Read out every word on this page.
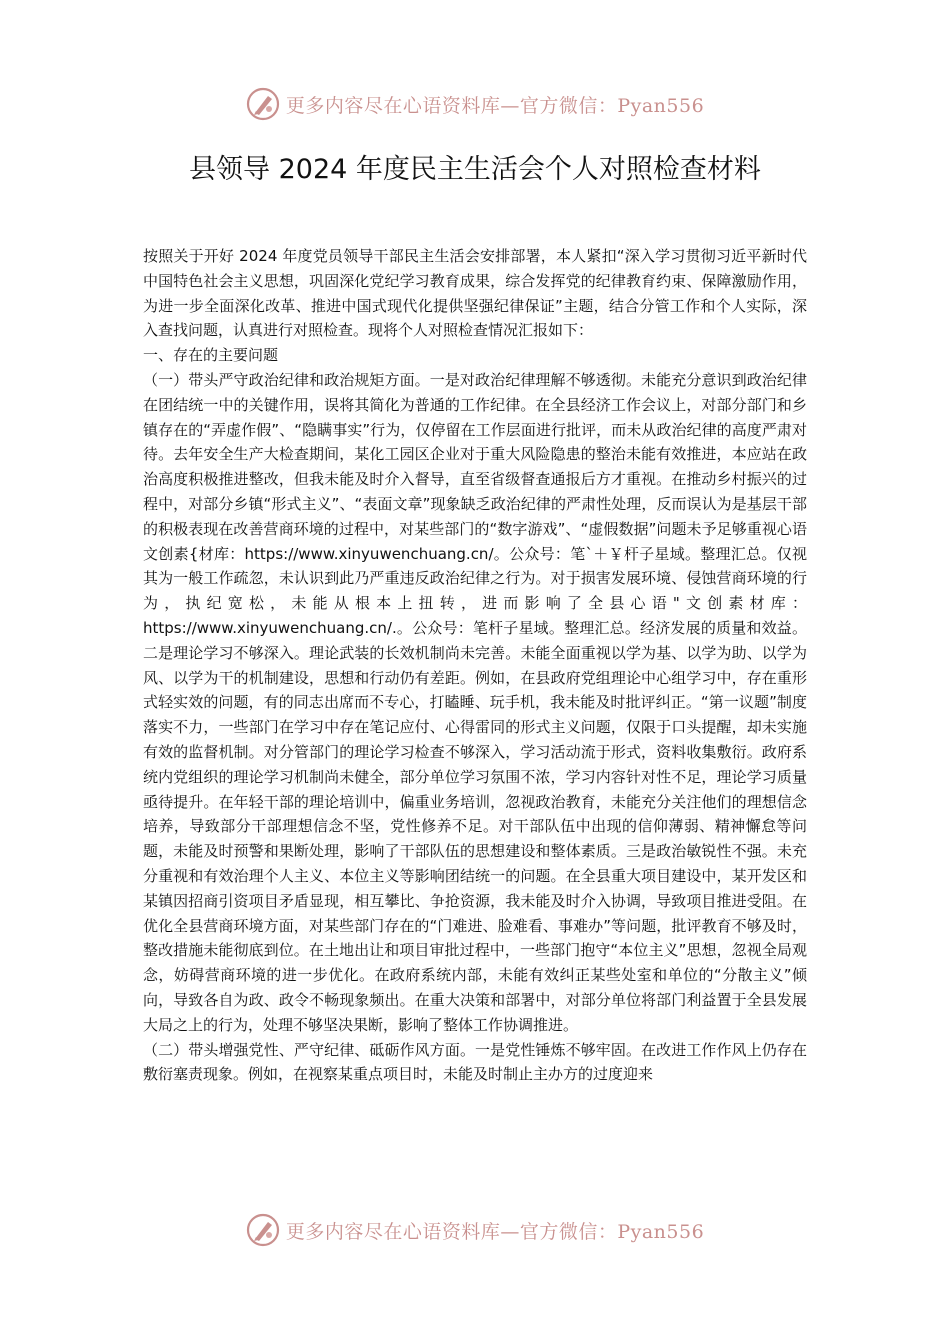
更多内容尽在心语资料库—官方微信：Pyan556
县领导 2024 年度民主生活会个人对照检查材料

按照关于开好 2024 年度党员领导干部民主生活会安排部署，本人紧扣“深入学习贯彻习近平新时代中国特色社会主义思想，巩固深化党纪学习教育成果，综合发挥党的纪律教育约束、保障激励作用，为进一步全面深化改革、推进中国式现代化提供坚强纪律保证”主题，结合分管工作和个人实际，深入查找问题，认真进行对照检查。现将个人对照检查情况汇报如下：

一、存在的主要问题

（一）带头严守政治纪律和政治规矩方面。一是对政治纪律理解不够透彻。未能充分意识到政治纪律在团结统一中的关键作用，误将其简化为普通的工作纪律。在全县经济工作会议上，对部分部门和乡镇存在的“弄虚作假”、“隐瞒事实”行为，仅停留在工作层面进行批评，而未从政治纪律的高度严肃对待。去年安全生产大检查期间，某化工园区企业对于重大风险隐患的整治未能有效推进，本应站在政治高度积极推进整改，但我未能及时介入督导，直至省级督查通报后方才重视。在推动乡村振兴的过程中，对部分乡镇“形式主义”、“表面文章”现象缺乏政治纪律的严肃性处理，反而误认为是基层干部的积极表现在改善营商环境的过程中，对某些部门的“数字游戏”、“虚假数据”问题未予足够重视心语文创素{材库：https://www.xinyuwenchuang.cn/。公众号：笔`＋￥杆子星域。整理汇总。仅视其为一般工作疏忽，未认识到此乃严重违反政治纪律之行为。对于损害发展环境、侵蚀营商环境的行为，执纪宽松，未能从根本上扭转，进而影响了全县心语"文创素材库：https://www.xinyuwenchuang.cn/.。公众号：笔杆子星域。整理汇总。经济发展的质量和效益。二是理论学习不够深入。理论武装的长效机制尚未完善。未能全面重视以学为基、以学为助、以学为风、以学为干的机制建设，思想和行动仍有差距。例如，在县政府党组理论中心组学习中，存在重形式轻实效的问题，有的同志出席而不专心，打瞌睡、玩手机，我未能及时批评纠正。“第一议题”制度落实不力，一些部门在学习中存在笔记应付、心得雷同的形式主义问题，仅限于口头提醒，却未实施有效的监督机制。对分管部门的理论学习检查不够深入，学习活动流于形式，资料收集敷衍。政府系统内党组织的理论学习机制尚未健全，部分单位学习氛围不浓，学习内容针对性不足，理论学习质量亟待提升。在年轻干部的理论培训中，偏重业务培训，忽视政治教育，未能充分关注他们的理想信念培养，导致部分干部理想信念不坚，党性修养不足。对干部队伍中出现的信仰薄弱、精神懈怠等问题，未能及时预警和果断处理，影响了干部队伍的思想建设和整体素质。三是政治敏锐性不强。未充分重视和有效治理个人主义、本位主义等影响团结统一的问题。在全县重大项目建设中，某开发区和某镇因招商引资项目矛盾显现，相互攀比、争抢资源，我未能及时介入协调，导致项目推进受阻。在优化全县营商环境方面，对某些部门存在的“门难进、脸难看、事难办”等问题，批评教育不够及时，整改措施未能彻底到位。在土地出让和项目审批过程中，一些部门抱守“本位主义”思想，忽视全局观念，妨碍营商环境的进一步优化。在政府系统内部，未能有效纠正某些处室和单位的“分散主义”倾向，导致各自为政、政令不畅现象频出。在重大决策和部署中，对部分单位将部门利益置于全县发展大局之上的行为，处理不够坚决果断，影响了整体工作协调推进。

（二）带头增强党性、严守纪律、砥砺作风方面。一是党性锤炼不够牢固。在改进工作作风上仍存在敷衍塞责现象。例如，在视察某重点项目时，未能及时制止主办方的过度迎来

更多内容尽在心语资料库—官方微信：Pyan556
